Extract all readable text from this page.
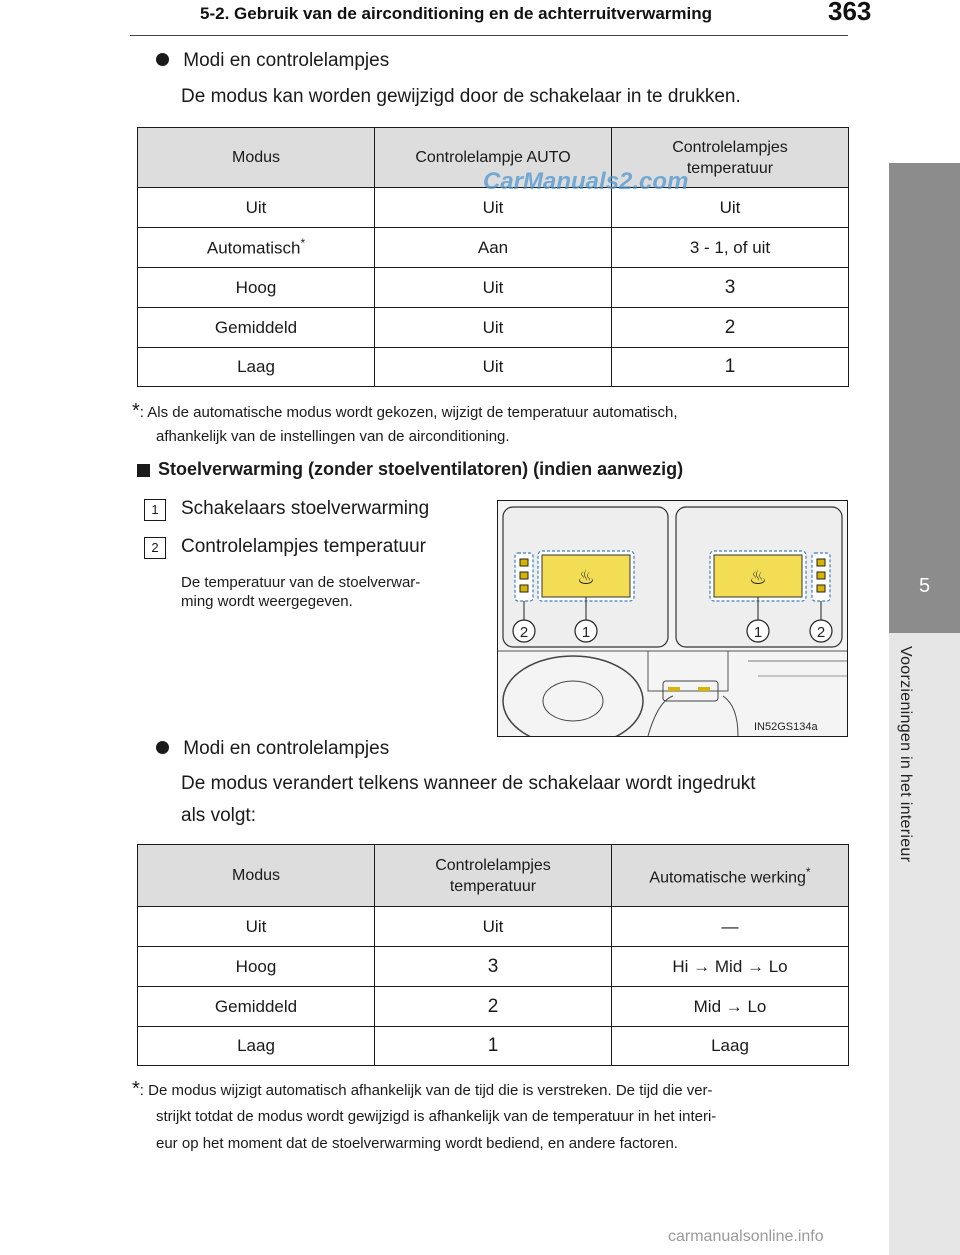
5-2. Gebruik van de airconditioning en de achterruitverwarming	363
5
Voorzieningen in het interieur
Modi en controlelampjes
De modus kan worden gewijzigd door de schakelaar in te drukken.
Modus	Controlelampje AUTO	Controlelampjes temperatuur

Uit	Uit	Uit
Automatisch*	Aan	3 - 1, of uit
Hoog	Uit	3
Gemiddeld	Uit	2
Laag	Uit	1
CarManuals2.com
*: Als de automatische modus wordt gekozen, wijzigt de temperatuur automatisch,
afhankelijk van de instellingen van de airconditioning.
Stoelverwarming (zonder stoelventilatoren) (indien aanwezig)
1	Schakelaars stoelverwarming
2	Controlelampjes temperatuur
De temperatuur van de stoelverwar-
ming wordt weergegeven.
♨	♨
2	1	1	2
IN52GS134a
Modi en controlelampjes
De modus verandert telkens wanneer de schakelaar wordt ingedrukt
als volgt:
Modus	Controlelampjes temperatuur	Automatische werking*
Uit	Uit	—
Hoog	3	Hi → Mid → Lo
Gemiddeld	2	Mid → Lo
Laag	1	Laag
*: De modus wijzigt automatisch afhankelijk van de tijd die is verstreken. De tijd die ver-
strijkt totdat de modus wordt gewijzigd is afhankelijk van de temperatuur in het interi-
eur op het moment dat de stoelverwarming wordt bediend, en andere factoren.
carmanualsonline.info
